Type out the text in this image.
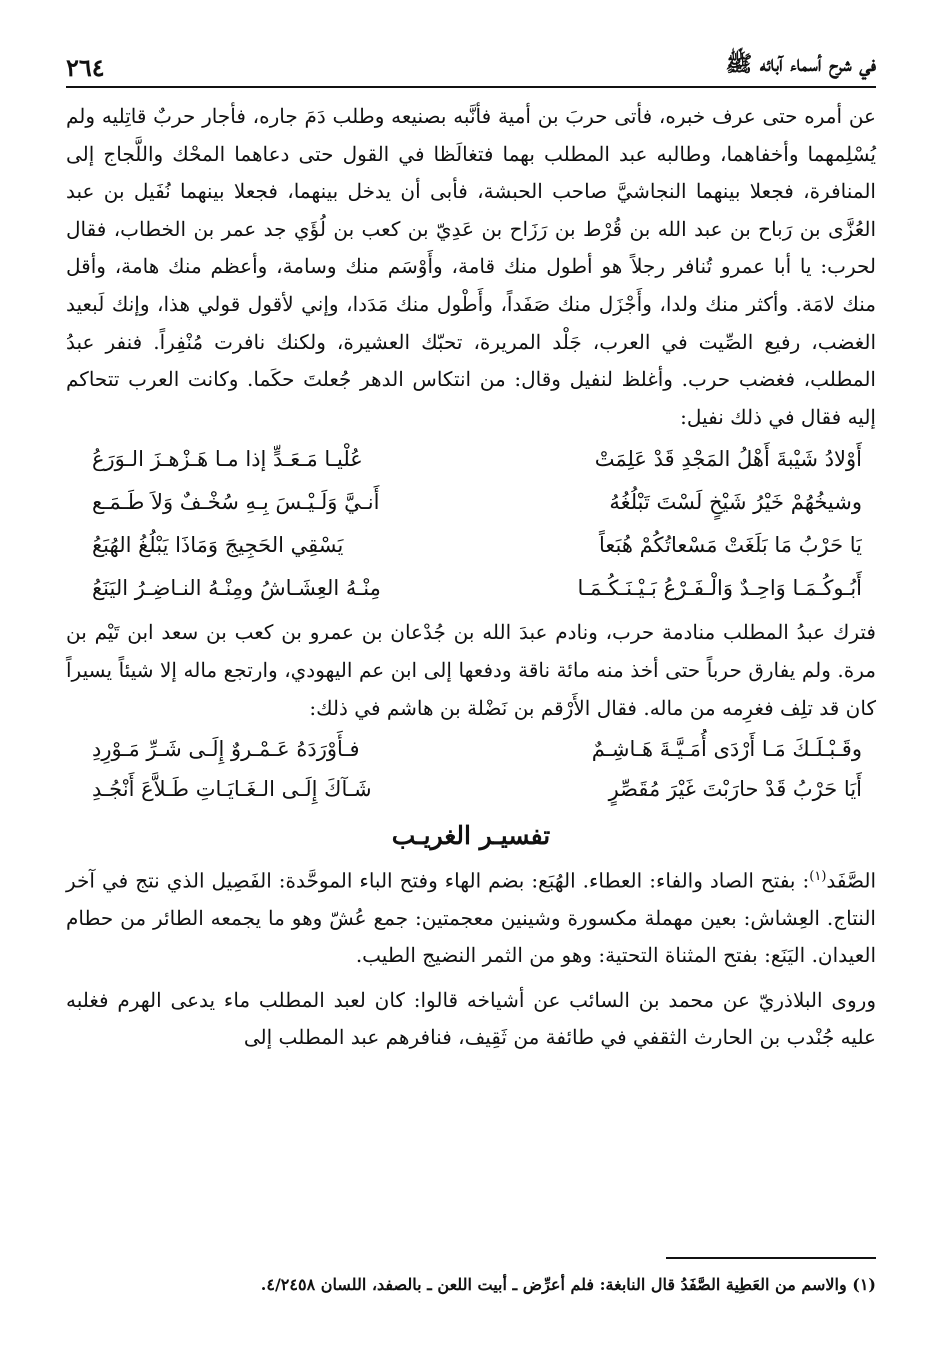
في شرح أسماء آبائه ﷺ
٢٦٤

عن أمره حتى عرف خبره، فأتى حربَ بن أمية فأنَّبه بصنيعه وطلب دَمَ جاره، فأجار حربٌ قاتِليه ولم يُسْلِمهما وأخفاهما، وطالبه عبد المطلب بهما فتغالَظا في القول حتى دعاهما المحْك واللَّجاج إلى المنافرة، فجعلا بينهما النجاشيَّ صاحب الحبشة، فأبى أن يدخل بينهما، فجعلا بينهما نُفَيل بن عبد العُزَّى بن رَباح بن عبد الله بن قُرْط بن رَزَاح بن عَدِيّ بن كعب بن لُؤَي جد عمر بن الخطاب، فقال لحرب: يا أبا عمرو تُنافر رجلاً هو أطول منك قامة، وأَوْسَم منك وسامة، وأعظم منك هامة، وأقل منك لامَة. وأكثر منك ولدا، وأَجْزَل منك صَفَداً، وأَطْول منك مَدَدا، وإني لأقول قولي هذا، وإنك لَبعيد الغضب، رفيع الصِّيت في العرب، جَلْد المريرة، تحبّك العشيرة، ولكنك نافرت مُنْفِراً. فنفر عبدُ المطلب، فغضب حرب. وأغلظ لنفيل وقال: من انتكاس الدهر جُعلتَ حكَما. وكانت العرب تتحاكم إليه فقال في ذلك نفيل:

أَوْلادُ شَيْبةَ أَهْلُ المَجْدِ قَدْ عَلِمَتْ
عُلْيـا مَـعَـدٍّ إذا مـا هَـزْهـزَ الـوَرَعُ
وشيخُهُمْ خَيْرُ شَيْخٍ لَسْتَ تَبْلُغُهُ
أَنـيَّ وَلَـيْـسَ بِـهِ سُخْـفٌ وَلاَ طَـمَـع
يَا حَرْبُ مَا بَلَغَتْ مَسْعاتُكُمْ هُبَعاً
يَسْقِي الحَجِيجَ وَمَاذَا يَبْلُغُ الهُبَعُ
أَبُـوكُـمَـا وَاحِـدٌ وَالْـفَـرْعُ بَـيْـنَـكُـمَـا
مِنْـهُ العِشَـاشُ ومِنْـهُ النـاضِـرُ اليَنَعُ

فترك عبدُ المطلب منادمة حرب، ونادم عبدَ الله بن جُدْعان بن عمرو بن كعب بن سعد ابن تَيْم بن مرة. ولم يفارق حرباً حتى أخذ منه مائة ناقة ودفعها إلى ابن عم اليهودي، وارتجع ماله إلا شيئاً يسيراً كان قد تلِف فغرِمه من ماله. فقال الأَرْقم بن نَضْلة بن هاشم في ذلك:

وقَـبْـلَـكَ مَـا أَرْدَى أُمَـيَّـةَ هَـاشِـمٌ
فـأَوْرَدَهُ عَـمْـروٌ إِلَـى شَـرِّ مَـوْرِدِ
أَيَا حَرْبُ قَدْ حارَبْتَ غَيْرَ مُقَصِّرٍ
شَـآكَ إِلَـى الـغَـايَـاتِ طَـلاَّعَ أَنْجُـدِ
تفسيـر الغريـب

الصَّفَد$^{(١)}$: بفتح الصاد والفاء: العطاء. الهُبَع: بضم الهاء وفتح الباء الموحَّدة: الفَصِيل الذي نتج في آخر النتاج. العِشاش: بعين مهملة مكسورة وشينين معجمتين: جمع عُشّ وهو ما يجمعه الطائر من حطام العيدان. اليَنَع: بفتح المثناة التحتية: وهو من الثمر النضيج الطيب.

وروى البلاذريّ عن محمد بن السائب عن أشياخه قالوا: كان لعبد المطلب ماء يدعى الهرم فغلبه عليه جُنْدب بن الحارث الثقفي في طائفة من ثَقِيف، فنافرهم عبد المطلب إلى

(١) والاسم من العَطِية الصَّفَدُ قال النابغة: فلم أعرِّض ـ أبيت اللعن ـ بالصفد، اللسان ٤/٢٤٥٨.
